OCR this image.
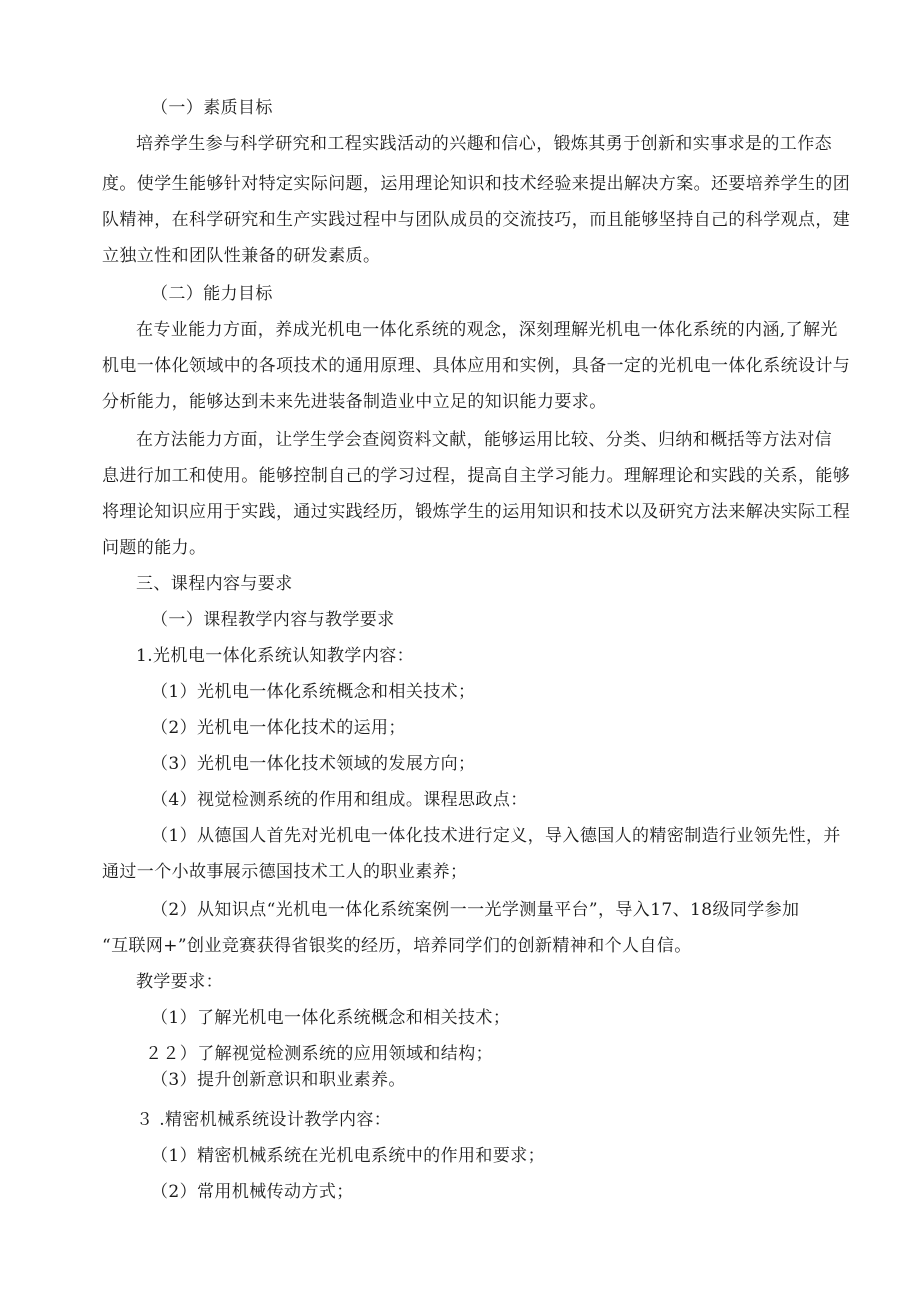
（一）素质目标
培养学生参与科学研究和工程实践活动的兴趣和信心，锻炼其勇于创新和实事求是的工作态
度。使学生能够针对特定实际问题，运用理论知识和技术经验来提出解决方案。还要培养学生的团
队精神，在科学研究和生产实践过程中与团队成员的交流技巧，而且能够坚持自己的科学观点，建
立独立性和团队性兼备的研发素质。
（二）能力目标
在专业能力方面，养成光机电一体化系统的观念，深刻理解光机电一体化系统的内涵,了解光
机电一体化领域中的各项技术的通用原理、具体应用和实例，具备一定的光机电一体化系统设计与
分析能力，能够达到未来先进装备制造业中立足的知识能力要求。
在方法能力方面，让学生学会查阅资料文献，能够运用比较、分类、归纳和概括等方法对信
息进行加工和使用。能够控制自己的学习过程，提高自主学习能力。理解理论和实践的关系，能够
将理论知识应用于实践，通过实践经历，锻炼学生的运用知识和技术以及研究方法来解决实际工程
问题的能力。
三、课程内容与要求
（一）课程教学内容与教学要求
1.光机电一体化系统认知教学内容：
（1）光机电一体化系统概念和相关技术；
（2）光机电一体化技术的运用；
（3）光机电一体化技术领域的发展方向；
（4）视觉检测系统的作用和组成。课程思政点：
（1）从德国人首先对光机电一体化技术进行定义，导入德国人的精密制造行业领先性，并
通过一个小故事展示德国技术工人的职业素养；
（2）从知识点“光机电一体化系统案例一一光学测量平台”，导入17、18级同学参加
“互联网+”创业竞赛获得省银奖的经历，培养同学们的创新精神和个人自信。
教学要求：
（1）了解光机电一体化系统概念和相关技术；
２２）了解视觉检测系统的应用领域和结构；
（3）提升创新意识和职业素养。
３ .精密机械系统设计教学内容：
（1）精密机械系统在光机电系统中的作用和要求；
（2）常用机械传动方式；
